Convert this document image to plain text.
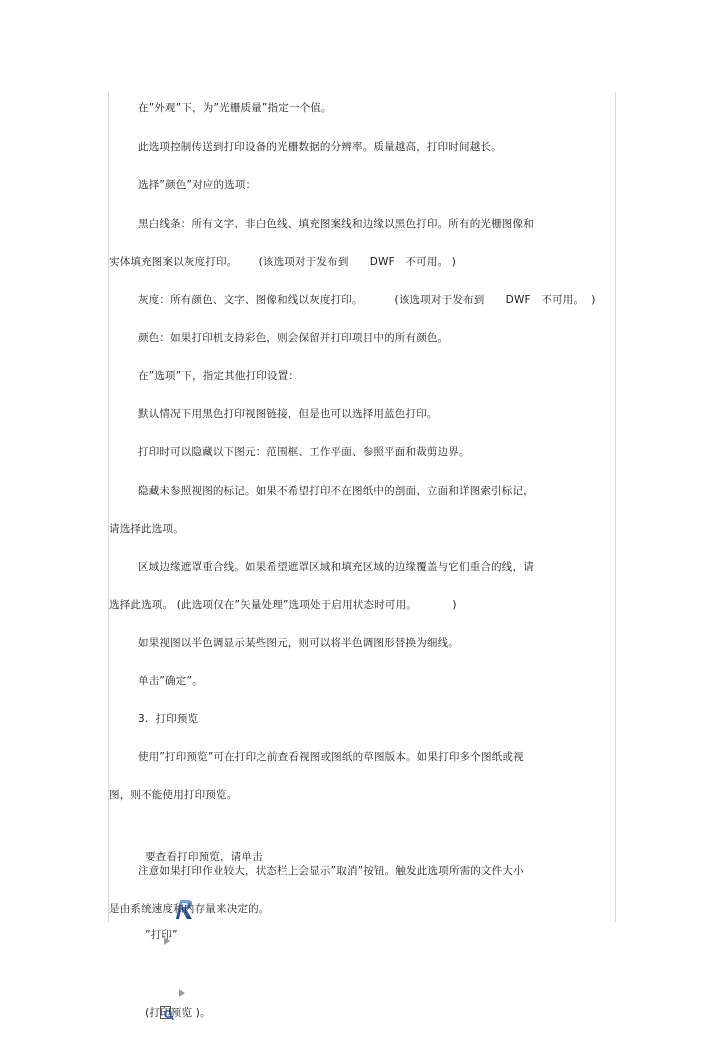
在”外观”下，为”光栅质量”指定一个值。
此选项控制传送到打印设备的光栅数据的分辨率。质量越高，打印时间越长。
选择”颜色”对应的选项：
黑白线条：所有文字、非白色线、填充图案线和边缘以黑色打印。所有的光栅图像和
实体填充图案以灰度打印。      (该选项对于发布到      DWF   不可用。 )
灰度：所有颜色、文字、图像和线以灰度打印。         (该选项对于发布到      DWF   不可用。  )
颜色：如果打印机支持彩色，则会保留并打印项目中的所有颜色。
在”选项”下，指定其他打印设置：
默认情况下用黑色打印视图链接，但是也可以选择用蓝色打印。
打印时可以隐藏以下图元：范围框、工作平面、参照平面和裁剪边界。
隐藏未参照视图的标记。如果不希望打印不在图纸中的剖面、立面和详图索引标记，
请选择此选项。
区域边缘遮罩重合线。如果希望遮罩区域和填充区域的边缘覆盖与它们重合的线，请
选择此选项。 (此选项仅在”矢量处理”选项处于启用状态时可用。          )
如果视图以半色调显示某些图元，则可以将半色调图形替换为细线。
单击”确定”。
3.  打印预览
使用”打印预览”可在打印之前查看视图或图纸的草图版本。如果打印多个图纸或视
图，则不能使用打印预览。

要查看打印预览，请单击

”打印”

(打印预览 )。

注意如果打印作业较大，状态栏上会显示”取消”按钮。触发此选项所需的文件大小
是由系统速度和内存量来决定的。
